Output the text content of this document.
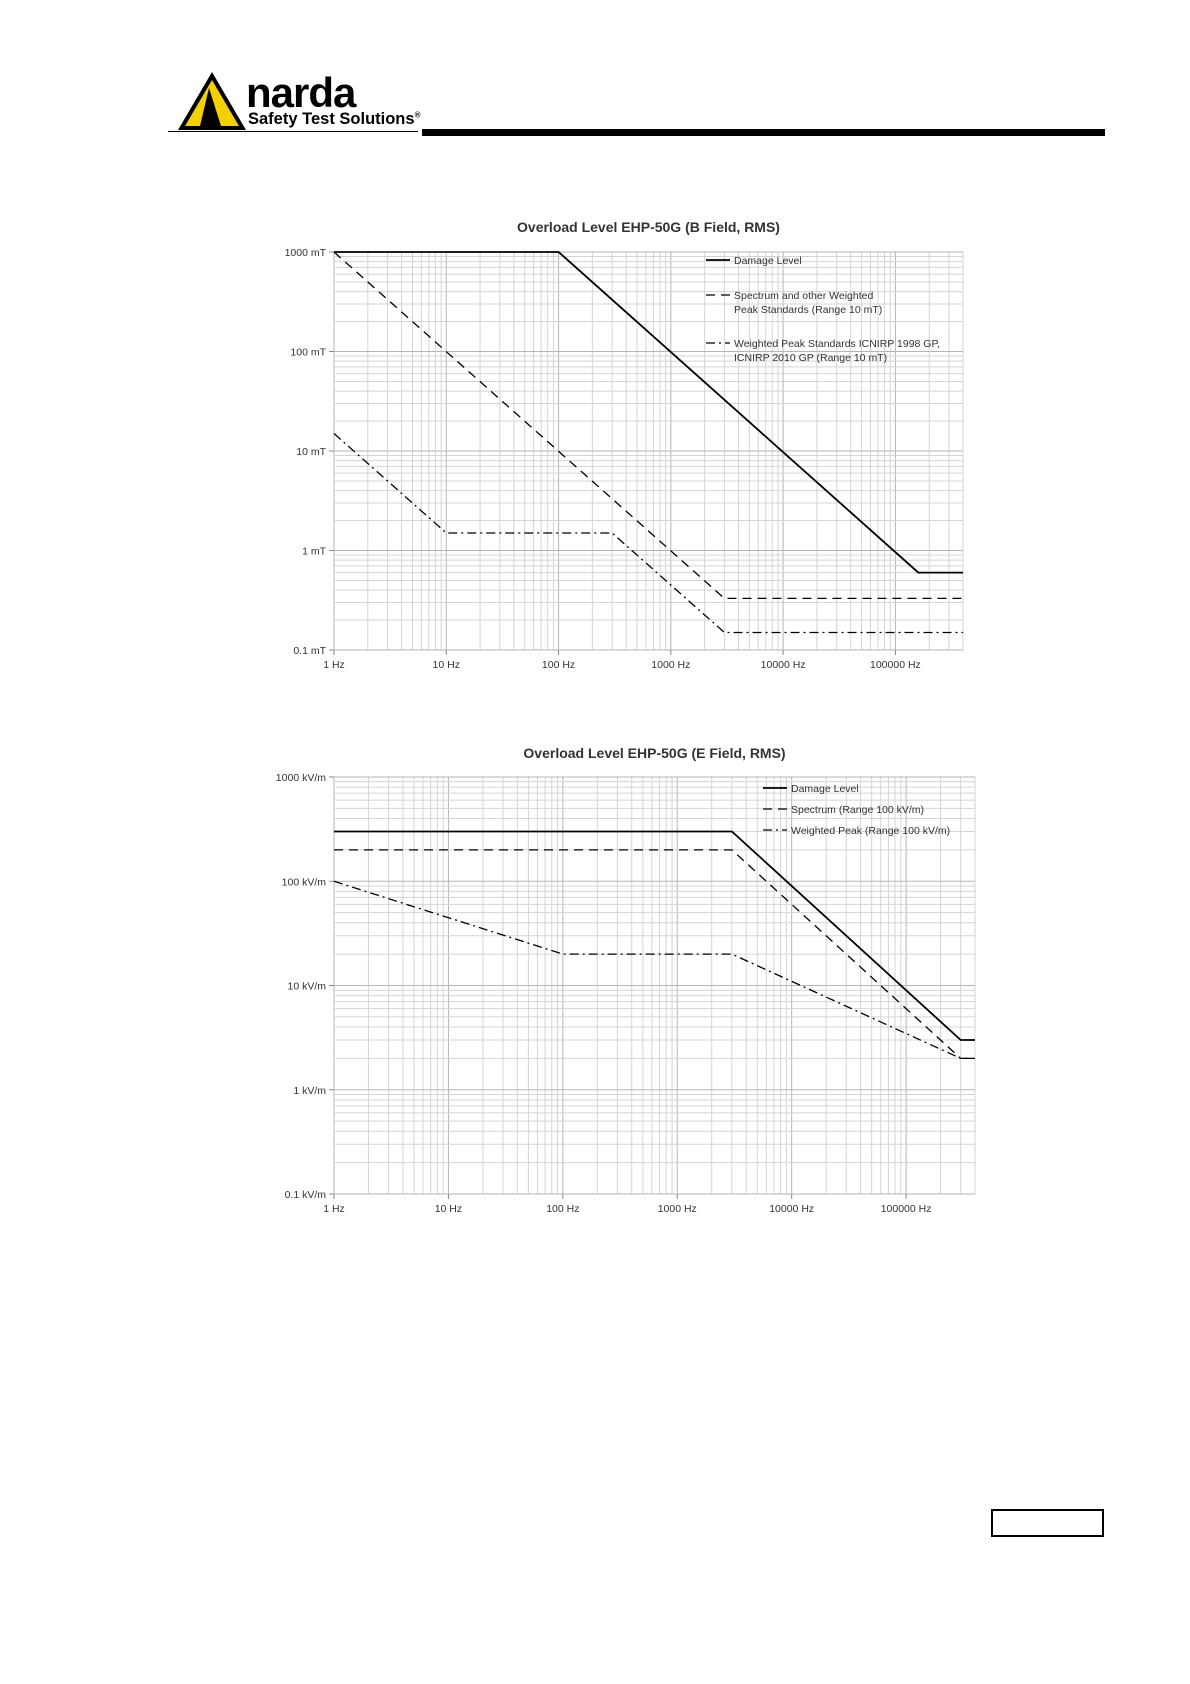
narda
Safety Test Solutions®
Overload Level EHP-50G (B Field, RMS)
1 Hz	10 Hz	100 Hz	1000 Hz	10000 Hz	100000 Hz
0.1 mT
1 mT
10 mT
100 mT
1000 mT
Damage Level
Spectrum and other Weighted
Peak Standards (Range 10 mT)
Weighted Peak Standards ICNIRP 1998 GP,
ICNIRP 2010 GP (Range 10 mT)
Overload Level EHP-50G (E Field, RMS)
1 Hz	10 Hz	100 Hz	1000 Hz	10000 Hz	100000 Hz
0.1 kV/m
1 kV/m
10 kV/m
100 kV/m
1000 kV/m
Damage Level
Spectrum (Range 100 kV/m)
Weighted Peak (Range 100 kV/m)
